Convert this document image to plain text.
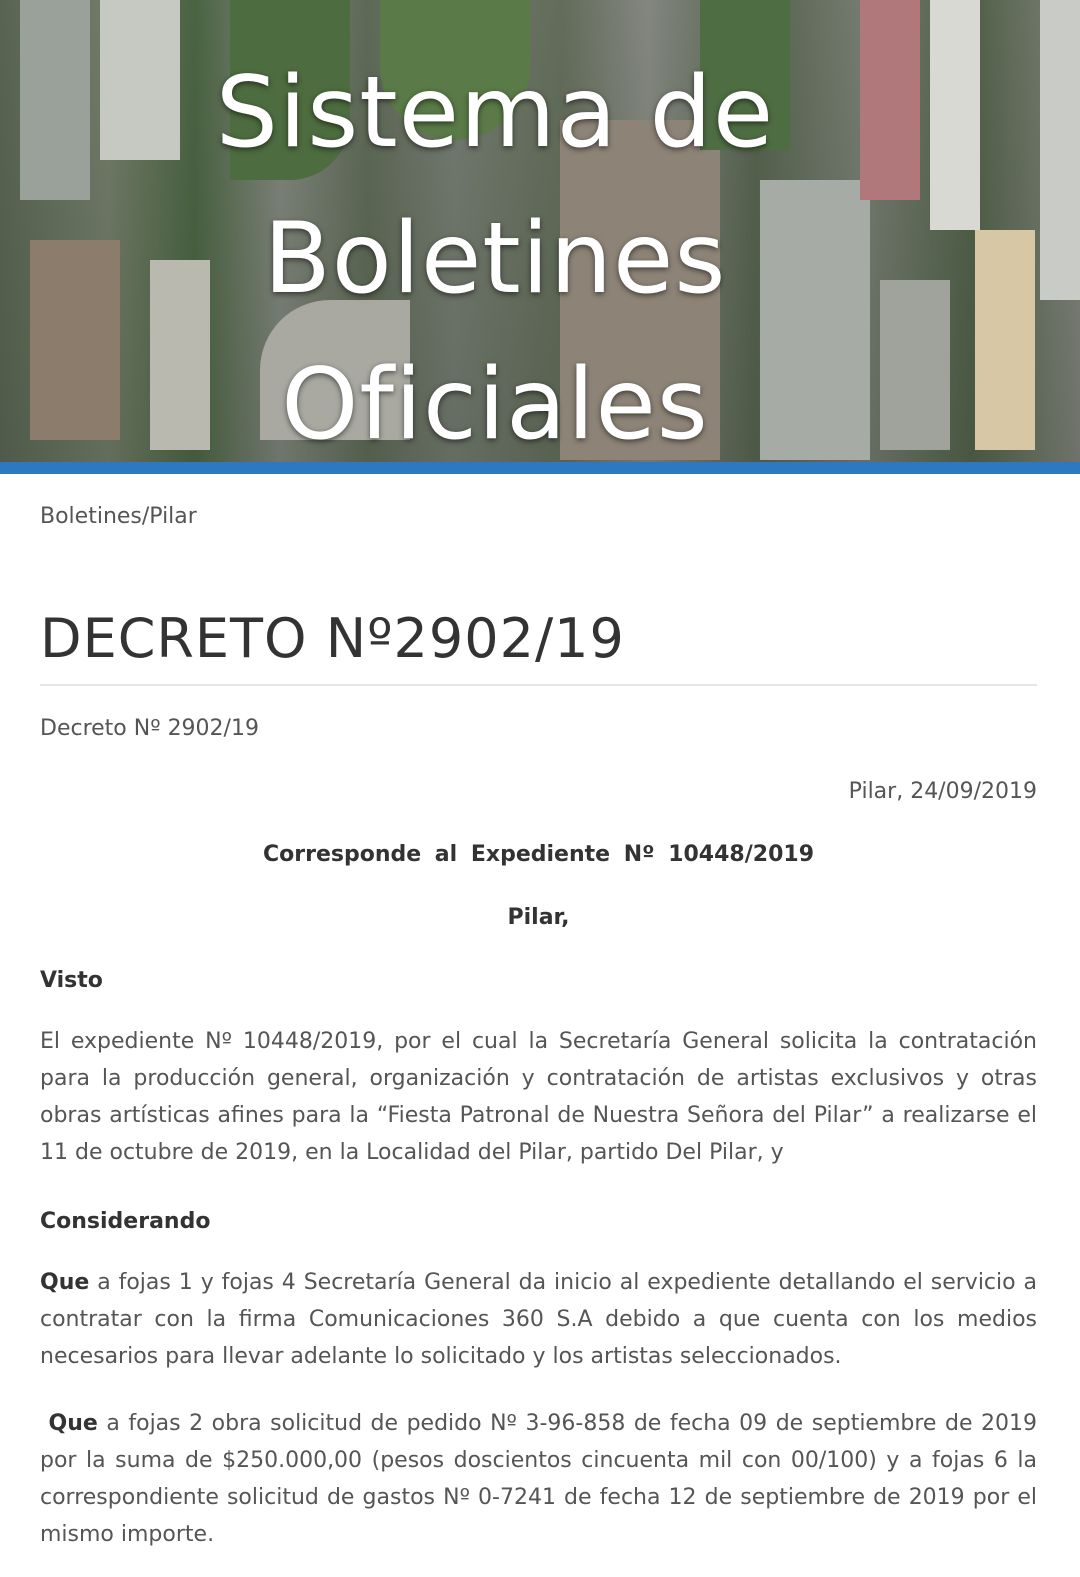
Sistema de
Boletines
Oficiales
Boletines/Pilar
DECRETO Nº2902/19
Decreto Nº 2902/19
Pilar, 24/09/2019
Corresponde al Expediente Nº 10448/2019
Pilar,
Visto

El expediente Nº 10448/2019, por el cual la Secretaría General solicita la contratación para la producción general, organización y contratación de artistas exclusivos y otras obras artísticas afines para la “Fiesta Patronal de Nuestra Señora del Pilar” a realizarse el 11 de octubre de 2019, en la Localidad del Pilar, partido Del Pilar, y

Considerando

Que a fojas 1 y fojas 4 Secretaría General da inicio al expediente detallando el servicio a contratar con la firma Comunicaciones 360 S.A debido a que cuenta con los medios necesarios para llevar adelante lo solicitado y los artistas seleccionados.

Que a fojas 2 obra solicitud de pedido Nº 3-96-858 de fecha 09 de septiembre de 2019 por la suma de $250.000,00 (pesos doscientos cincuenta mil con 00/100) y a fojas 6 la correspondiente solicitud de gastos Nº 0-7241 de fecha 12 de septiembre de 2019 por el mismo importe.
